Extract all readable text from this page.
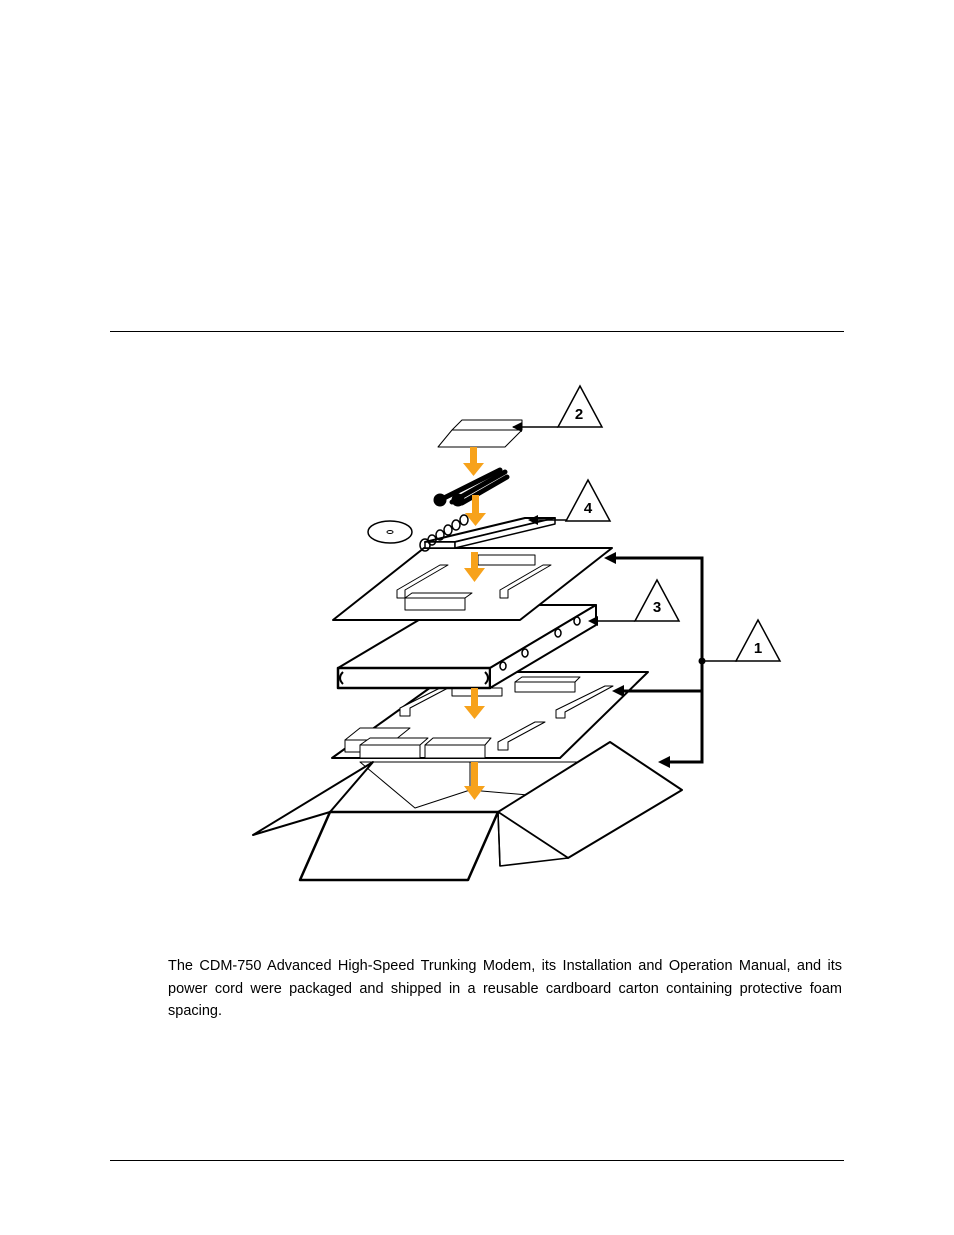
2
4
3
1

The CDM-750 Advanced High-Speed Trunking Modem, its Installation and Operation Manual, and its power cord were packaged and shipped in a reusable cardboard carton containing protective foam spacing.
